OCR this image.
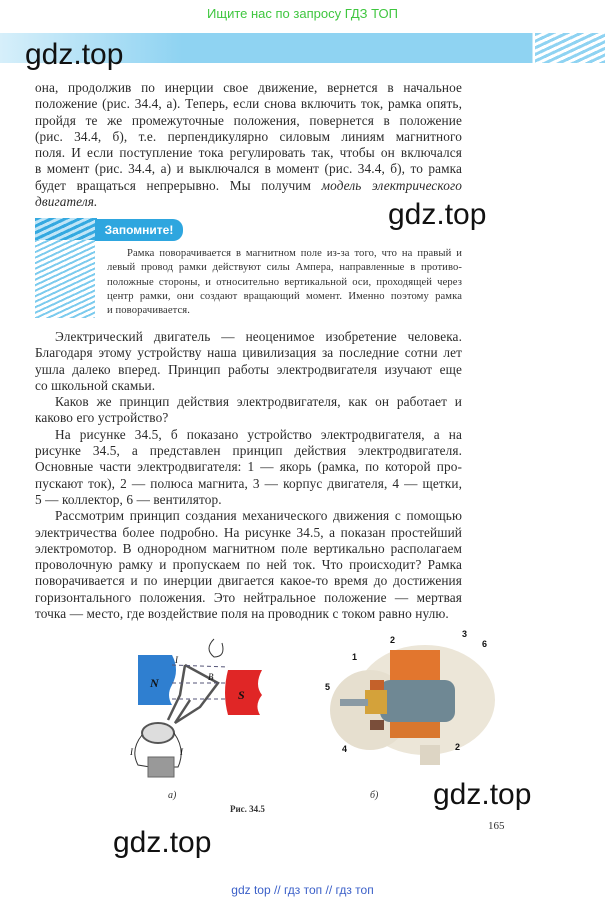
Ищите нас по запросу ГДЗ ТОП
она, продолжив по инерции свое движение, вернется в начальное
положение (рис. 34.4, а). Теперь, если снова включить ток, рамка опять,
пройдя те же промежуточные положения, повернется в положение
(рис. 34.4, б), т.е. перпендикулярно силовым линиям магнитного
поля. И если поступление тока регулировать так, чтобы он включался
в момент (рис. 34.4, а) и выключался в момент (рис. 34.4, б), то рамка
будет вращаться непрерывно. Мы получим модель электрического
двигателя.
Запомните!
Рамка поворачивается в магнитном поле из-за того, что на правый и
левый провод рамки действуют силы Ампера, направленные в противо-
положные стороны, и относительно вертикальной оси, проходящей через
центр рамки, они создают вращающий момент. Именно поэтому рамка
и поворачивается.
Электрический двигатель — неоценимое изобретение человека.
Благодаря этому устройству наша цивилизация за последние сотни лет
ушла далеко вперед. Принцип работы электродвигателя изучают еще
со школьной скамьи.
Каков же принцип действия электродвигателя, как он работает и
каково его устройство?
На рисунке 34.5, б показано устройство электродвигателя, а на
рисунке 34.5, а представлен принцип действия электродвигателя.
Основные части электродвигателя: 1 — якорь (рамка, по которой про-
пускают ток), 2 — полюса магнита, 3 — корпус двигателя, 4 — щетки,
5 — коллектор, 6 — вентилятор.
Рассмотрим принцип создания механического движения с помощью
электричества более подробно. На рисунке 34.5, а показан простейший
электромотор. В однородном магнитном поле вертикально располагаем
проволочную рамку и пропускаем по ней ток. Что происходит? Рамка
поворачивается и по инерции двигается какое-то время до достижения
горизонтального положения. Это нейтральное положение — мертвая
точка — место, где воздействие поля на проводник с током равно нулю.
N
S
B
I
I	I
а)
1
2
3
5
4
6
2
б)
Рис. 34.5
165
gdz.top
gdz.top
gdz.top
gdz.top
gdz top // гдз топ // гдз топ
